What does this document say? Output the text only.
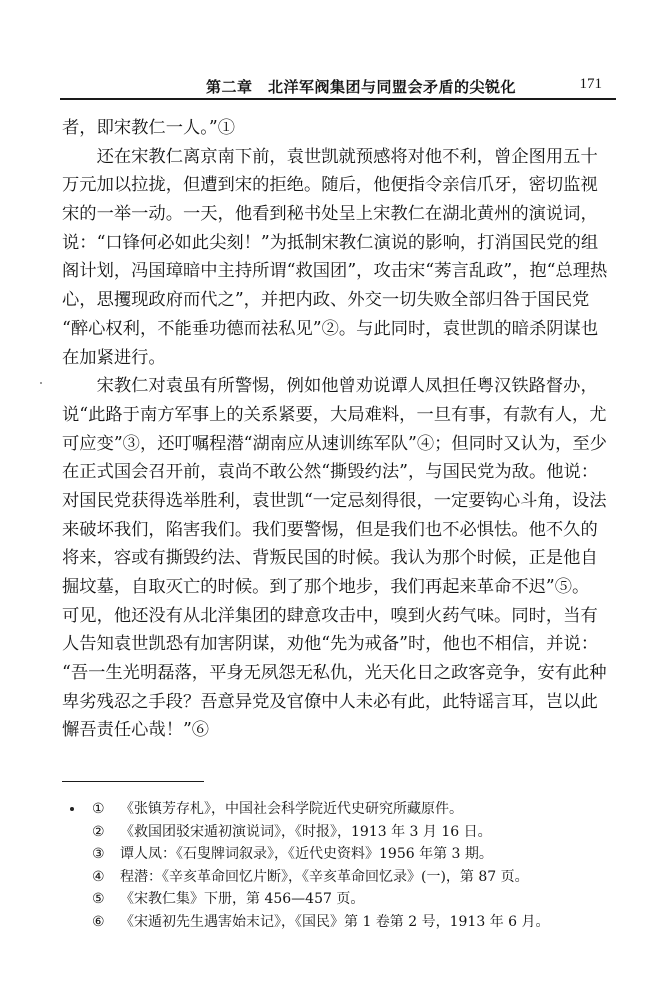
第二章　北洋军阀集团与同盟会矛盾的尖锐化	171
者，即宋教仁一人。”①
　　还在宋教仁离京南下前，袁世凯就预感将对他不利，曾企图用五十
万元加以拉拢，但遭到宋的拒绝。随后，他便指令亲信爪牙，密切监视
宋的一举一动。一天，他看到秘书处呈上宋教仁在湖北黄州的演说词，
说：“口锋何必如此尖刻！”为抵制宋教仁演说的影响，打消国民党的组
阁计划，冯国璋暗中主持所谓“救国团”，攻击宋“莠言乱政”，抱“总理热
心，思攫现政府而代之”，并把内政、外交一切失败全部归咎于国民党
“醉心权利，不能垂功德而祛私见”②。与此同时，袁世凯的暗杀阴谋也
在加紧进行。
　　宋教仁对袁虽有所警惕，例如他曾劝说谭人凤担任粤汉铁路督办，
说“此路于南方军事上的关系紧要，大局难料，一旦有事，有款有人，尤
可应变”③，还叮嘱程潜“湖南应从速训练军队”④；但同时又认为，至少
在正式国会召开前，袁尚不敢公然“撕毁约法”，与国民党为敌。他说：
对国民党获得选举胜利，袁世凯“一定忌刻得很，一定要钩心斗角，设法
来破坏我们，陷害我们。我们要警惕，但是我们也不必惧怯。他不久的
将来，容或有撕毁约法、背叛民国的时候。我认为那个时候，正是他自
掘坟墓，自取灭亡的时候。到了那个地步，我们再起来革命不迟”⑤。
可见，他还没有从北洋集团的肆意攻击中，嗅到火药气味。同时，当有
人告知袁世凯恐有加害阴谋，劝他“先为戒备”时，他也不相信，并说：
“吾一生光明磊落，平身无夙怨无私仇，光天化日之政客竞争，安有此种
卑劣残忍之手段？吾意异党及官僚中人未必有此，此特谣言耳，岂以此
懈吾责任心哉！”⑥
①	《张镇芳存札》，中国社会科学院近代史研究所藏原件。
②	《救国团驳宋遁初演说词》，《时报》，1913 年 3 月 16 日。
③	谭人凤：《石叟牌词叙录》，《近代史资料》1956 年第 3 期。
④	程潜：《辛亥革命回忆片断》，《辛亥革命回忆录》(一)，第 87 页。
⑤	《宋教仁集》下册，第 456—457 页。
⑥	《宋遁初先生遇害始末记》，《国民》第 1 卷第 2 号，1913 年 6 月。
